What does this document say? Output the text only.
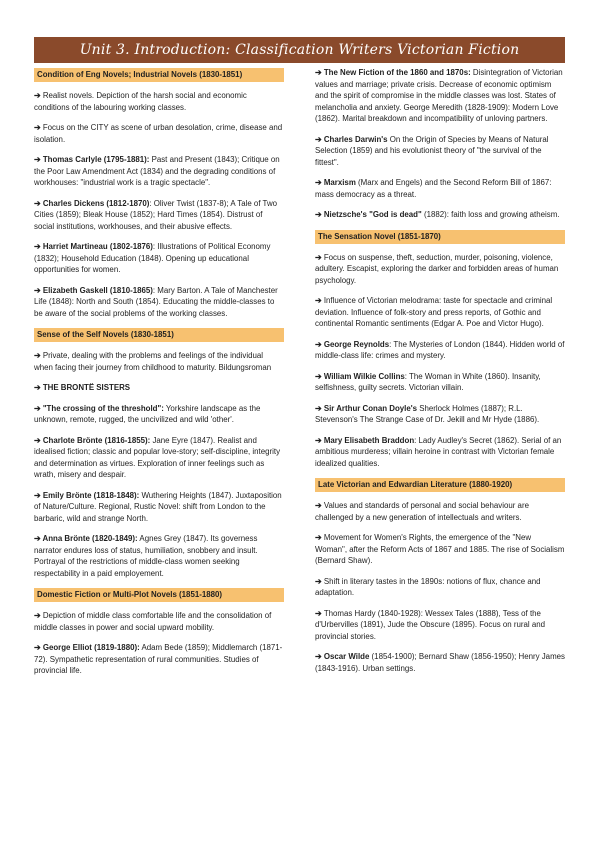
Unit 3. Introduction: Classification Writers Victorian Fiction
Condition of Eng Novels; Industrial Novels (1830-1851)
➔ Realist novels. Depiction of the harsh social and economic conditions of the labouring working classes.
➔ Focus on the CITY as scene of urban desolation, crime, disease and isolation.
➔ Thomas Carlyle (1795-1881): Past and Present (1843); Critique on the Poor Law Amendment Act (1834) and the degrading conditions of workhouses: "industrial work is a tragic spectacle".
➔ Charles Dickens (1812-1870): Oliver Twist (1837-8); A Tale of Two Cities (1859); Bleak House (1852); Hard Times (1854). Distrust of social institutions, workhouses, and their abusive effects.
➔ Harriet Martineau (1802-1876): Illustrations of Political Economy (1832); Household Education (1848). Opening up educational opportunities for women.
➔ Elizabeth Gaskell (1810-1865): Mary Barton. A Tale of Manchester Life (1848): North and South (1854). Educating the middle-classes to be aware of the social problems of the working classes.
Sense of the Self Novels (1830-1851)
➔ Private, dealing with the problems and feelings of the individual when facing their journey from childhood to maturity. Bildungsroman
➔ THE BRONTË SISTERS
➔ "The crossing of the threshold": Yorkshire landscape as the unknown, remote, rugged, the uncivilized and wild 'other'.
➔ Charlote Brönte (1816-1855): Jane Eyre (1847). Realist and idealised fiction; classic and popular love-story; self-discipline, integrity and determination as virtues. Exploration of inner feelings such as wrath, misery and despair.
➔ Emily Brönte (1818-1848): Wuthering Heights (1847). Juxtaposition of Nature/Culture. Regional, Rustic Novel: shift from London to the barbaric, wild and strange North.
➔ Anna Brönte (1820-1849): Agnes Grey (1847). Its governess narrator endures loss of status, humiliation, snobbery and insult. Portrayal of the restrictions of middle-class women seeking respectability in a paid employement.
Domestic Fiction or Multi-Plot Novels (1851-1880)
➔ Depiction of middle class comfortable life and the consolidation of middle classes in power and social upward mobility.
➔ George Elliot (1819-1880): Adam Bede (1859); Middlemarch (1871-72). Sympathetic representation of rural communities. Studies of provincial life.
➔ The New Fiction of the 1860 and 1870s: Disintegration of Victorian values and marriage; private crisis. Decrease of economic optimism and the spirit of compromise in the middle classes was lost. States of melancholia and anxiety. George Meredith (1828-1909): Modern Love (1862). Marital breakdown and incompatibility of unloving partners.
➔ Charles Darwin's On the Origin of Species by Means of Natural Selection (1859) and his evolutionist theory of "the survival of the fittest".
➔ Marxism (Marx and Engels) and the Second Reform Bill of 1867: mass democracy as a threat.
➔ Nietzsche's "God is dead" (1882): faith loss and growing atheism.
The Sensation Novel (1851-1870)
➔ Focus on suspense, theft, seduction, murder, poisoning, violence, adultery. Escapist, exploring the darker and forbidden areas of human psychology.
➔ Influence of Victorian melodrama: taste for spectacle and criminal deviation. Influence of folk-story and press reports, of Gothic and continental Romantic sentiments (Edgar A. Poe and Victor Hugo).
➔ George Reynolds: The Mysteries of London (1844). Hidden world of middle-class life: crimes and mystery.
➔ William Wilkie Collins: The Woman in White (1860). Insanity, selfishness, guilty secrets. Victorian villain.
➔ Sir Arthur Conan Doyle's Sherlock Holmes (1887); R.L. Stevenson's The Strange Case of Dr. Jekill and Mr Hyde (1886).
➔ Mary Elisabeth Braddon: Lady Audley's Secret (1862). Serial of an ambitious murderess; villain heroine in contrast with Victorian female idealized qualities.
Late Victorian and Edwardian Literature (1880-1920)
➔ Values and standards of personal and social behaviour are challenged by a new generation of intellectuals and writers.
➔ Movement for Women's Rights, the emergence of the "New Woman", after the Reform Acts of 1867 and 1885. The rise of Socialism (Bernard Shaw).
➔ Shift in literary tastes in the 1890s: notions of flux, chance and adaptation.
➔ Thomas Hardy (1840-1928): Wessex Tales (1888), Tess of the d'Urbervilles (1891), Jude the Obscure (1895). Focus on rural and provincial stories.
➔ Oscar Wilde (1854-1900); Bernard Shaw (1856-1950); Henry James (1843-1916). Urban settings.
